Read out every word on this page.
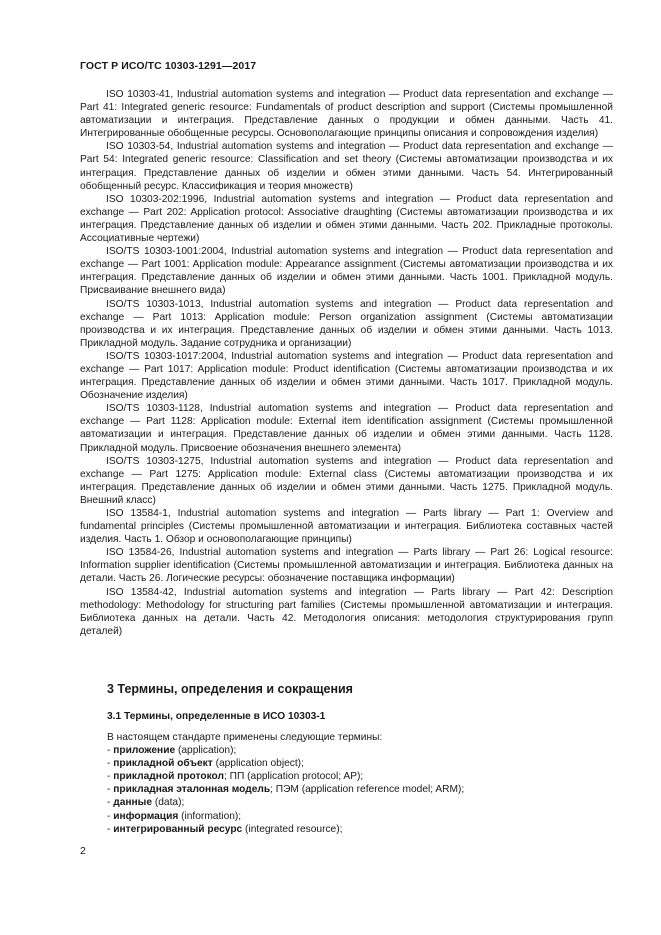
ГОСТ Р ИСО/ТС 10303-1291—2017

ISO 10303-41, Industrial automation systems and integration — Product data representation and exchange — Part 41: Integrated generic resource: Fundamentals of product description and support (Системы промышленной автоматизации и интеграция. Представление данных о продукции и обмен данными. Часть 41. Интегрированные обобщенные ресурсы. Основополагающие принципы описания и сопровождения изделия)

ISO 10303-54, Industrial automation systems and integration — Product data representation and exchange — Part 54: Integrated generic resource: Classification and set theory (Системы автоматизации производства и их интеграция. Представление данных об изделии и обмен этими данными. Часть 54. Интегрированный обобщенный ресурс. Классификация и теория множеств)

ISO 10303-202:1996, Industrial automation systems and integration — Product data representation and exchange — Part 202: Application protocol: Associative draughting (Системы автоматизации производства и их интеграция. Представление данных об изделии и обмен этими данными. Часть 202. Прикладные протоколы. Ассоциативные чертежи)

ISO/TS 10303-1001:2004, Industrial automation systems and integration — Product data representation and exchange — Part 1001: Application module: Appearance assignment (Системы автоматизации производства и их интеграция. Представление данных об изделии и обмен этими данными. Часть 1001. Прикладной модуль. Присваивание внешнего вида)

ISO/TS 10303-1013, Industrial automation systems and integration — Product data representation and exchange — Part 1013: Application module: Person organization assignment (Системы автоматизации производства и их интеграция. Представление данных об изделии и обмен этими данными. Часть 1013. Прикладной модуль. Задание сотрудника и организации)

ISO/TS 10303-1017:2004, Industrial automation systems and integration — Product data representation and exchange — Part 1017: Application module: Product identification (Системы автоматизации производства и их интеграция. Представление данных об изделии и обмен этими данными. Часть 1017. Прикладной модуль. Обозначение изделия)

ISO/TS 10303-1128, Industrial automation systems and integration — Product data representation and exchange — Part 1128: Application module: External item identification assignment (Системы промышленной автоматизации и интеграция. Представление данных об изделии и обмен этими данными. Часть 1128. Прикладной модуль. Присвоение обозначения внешнего элемента)

ISO/TS 10303-1275, Industrial automation systems and integration — Product data representation and exchange — Part 1275: Application module: External class (Системы автоматизации производства и их интеграция. Представление данных об изделии и обмен этими данными. Часть 1275. Прикладной модуль. Внешний класс)

ISO 13584-1, Industrial automation systems and integration — Parts library — Part 1: Overview and fundamental principles (Системы промышленной автоматизации и интеграция. Библиотека составных частей изделия. Часть 1. Обзор и основополагающие принципы)

ISO 13584-26, Industrial automation systems and integration — Parts library — Part 26: Logical resource: Information supplier identification (Системы промышленной автоматизации и интеграция. Библиотека данных на детали. Часть 26. Логические ресурсы: обозначение поставщика информации)

ISO 13584-42, Industrial automation systems and integration — Parts library — Part 42: Description methodology: Methodology for structuring part families (Системы промышленной автоматизации и интеграция. Библиотека данных на детали. Часть 42. Методология описания: методология структурирования групп деталей)

3 Термины, определения и сокращения
3.1 Термины, определенные в ИСО 10303-1

В настоящем стандарте применены следующие термины:

- приложение (application);

- прикладной объект (application object);

- прикладной протокол; ПП (application protocol; AP);

- прикладная эталонная модель; ПЭМ (application reference model; ARM);

- данные (data);

- информация (information);

- интегрированный ресурс (integrated resource);

2
